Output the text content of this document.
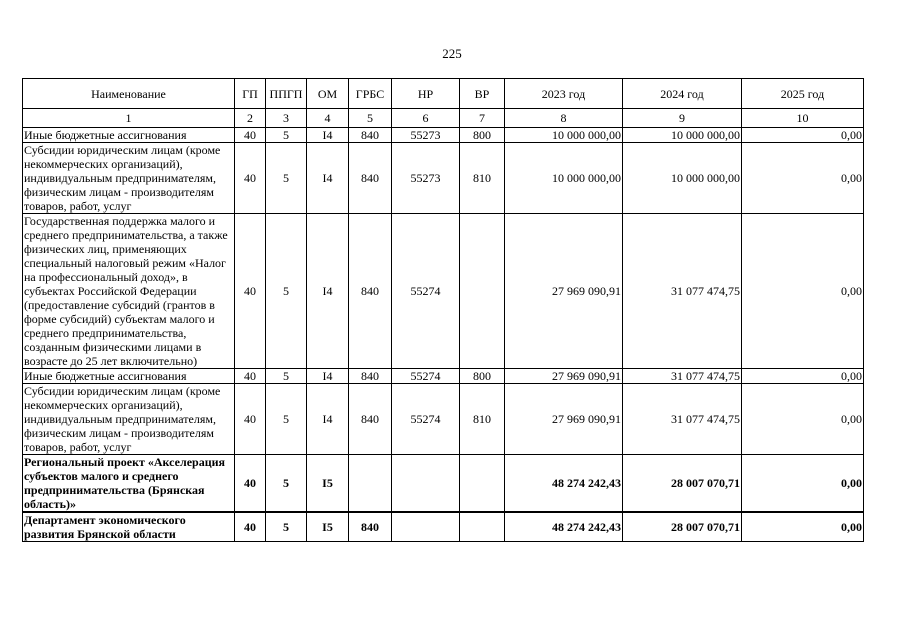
225
Наименование	ГП	ППГП	ОМ	ГРБС	НР	ВР	2023 год	2024 год	2025 год
1	2	3	4	5	6	7	8	9	10
Иные бюджетные ассигнования	40	5	I4	840	55273	800	10 000 000,00	10 000 000,00	0,00
Субсидии юридическим лицам (кроме некоммерческих организаций), индивидуальным предпринимателям, физическим лицам - производителям товаров, работ, услуг	40	5	I4	840	55273	810	10 000 000,00	10 000 000,00	0,00
Государственная поддержка малого и среднего предпринимательства, а также физических лиц, применяющих специальный налоговый режим «Налог на профессиональный доход», в субъектах Российской Федерации (предоставление субсидий (грантов в форме субсидий) субъектам малого и среднего предпринимательства, созданным физическими лицами в возрасте до 25 лет включительно)	40	5	I4	840	55274		27 969 090,91	31 077 474,75	0,00
Иные бюджетные ассигнования	40	5	I4	840	55274	800	27 969 090,91	31 077 474,75	0,00
Субсидии юридическим лицам (кроме некоммерческих организаций), индивидуальным предпринимателям, физическим лицам - производителям товаров, работ, услуг	40	5	I4	840	55274	810	27 969 090,91	31 077 474,75	0,00
Региональный проект «Акселерация субъектов малого и среднего предпринимательства (Брянская область)»	40	5	I5				48 274 242,43	28 007 070,71	0,00
Департамент экономического развития Брянской области	40	5	I5	840			48 274 242,43	28 007 070,71	0,00
